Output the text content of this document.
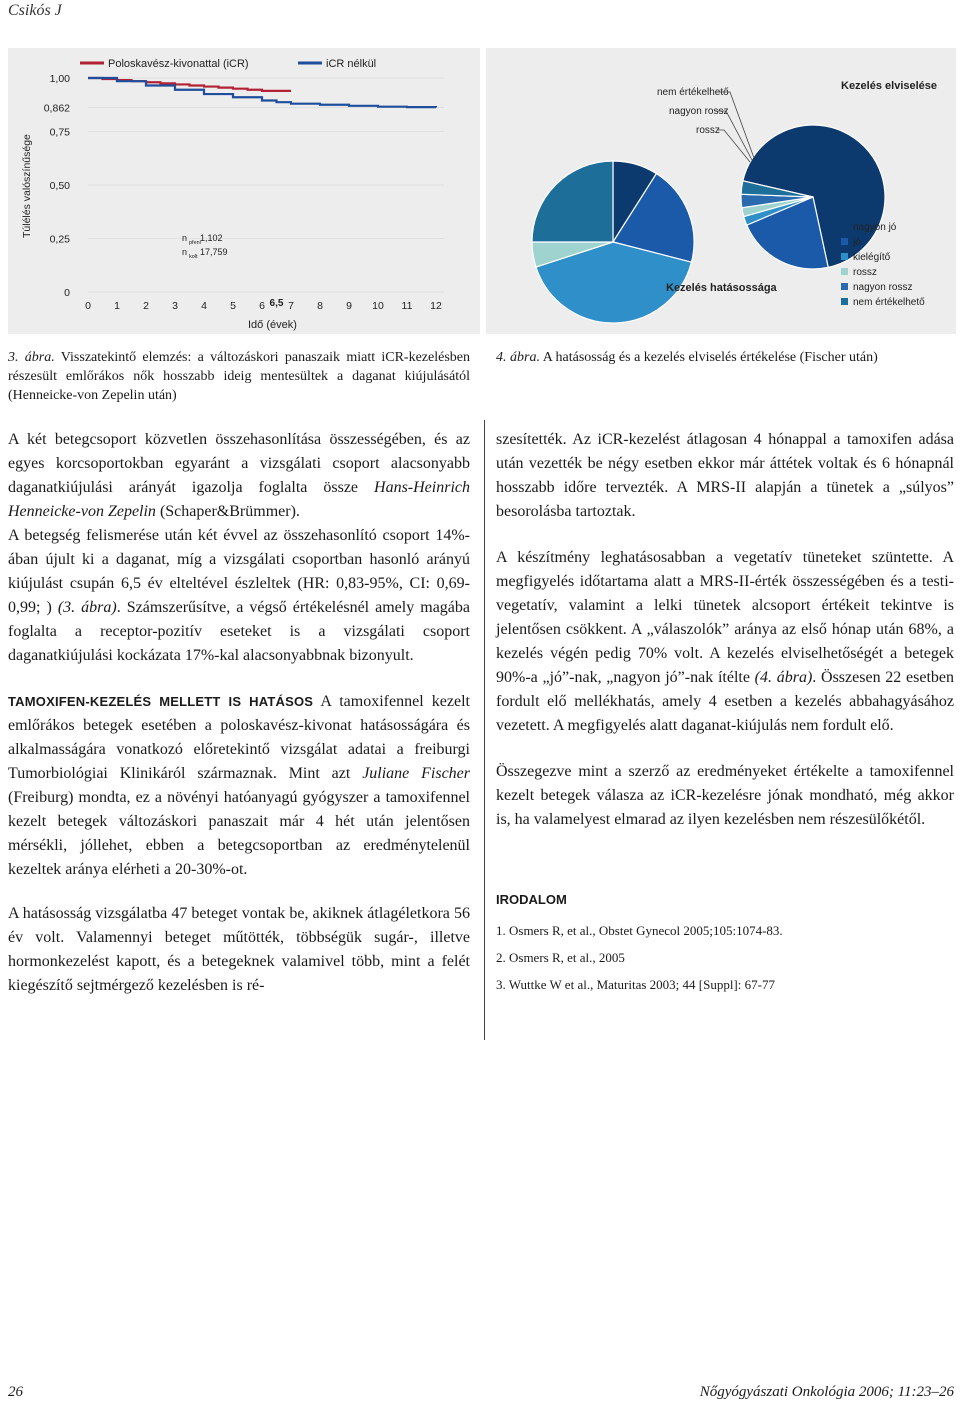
Csikós J
Túlélés valószínűsége
1,00
0,862
0,75
0,50
0,25
0
0 1 2 3 4 5 6 6,5 7 8 9 10 11 12
Idő (évek)
Poloskavész-kivonattal (iCR)	iCR nélkül
n pfeni 1,102
n kolt 17,759
Kezelés elviselése
Kezelés hatásossága
nem értékelhető
nagyon rossz
rossz
nagyon jó
jó
kielégítő
rossz
nagyon rossz
nem értékelhető
3. ábra. Visszatekintő elemzés: a változáskori panaszaik miatt iCR-kezelésben részesült emlőrákos nők hosszabb ideig mentesültek a daganat kiújulásától (Henneicke-von Zepelin után)
4. ábra. A hatásosság és a kezelés elviselés értékelése (Fischer után)

A két betegcsoport közvetlen összehasonlítása összességében, és az egyes korcsoportokban egyaránt a vizsgálati csoport alacsonyabb daganatkiújulási arányát igazolja foglalta össze Hans-Heinrich Henneicke-von Zepelin (Schaper&Brümmer).

A betegség felismerése után két évvel az összehasonlító csoport 14%-ában újult ki a daganat, míg a vizsgálati csoportban hasonló arányú kiújulást csupán 6,5 év elteltével észleltek (HR: 0,83-95%, CI: 0,69-0,99; ) (3. ábra). Számszerűsítve, a végső értékelésnél amely magába foglalta a receptor-pozitív eseteket is a vizsgálati csoport daganatkiújulási kockázata 17%-kal alacsonyabbnak bizonyult.

TAMOXIFEN-KEZELÉS MELLETT IS HATÁSOS A tamoxifennel kezelt emlőrákos betegek esetében a poloskavész-kivonat hatásosságára és alkalmasságára vonatkozó előretekintő vizsgálat adatai a freiburgi Tumorbiológiai Klinikáról származnak. Mint azt Juliane Fischer (Freiburg) mondta, ez a növényi hatóanyagú gyógyszer a tamoxifennel kezelt betegek változáskori panaszait már 4 hét után jelentősen mérsékli, jóllehet, ebben a betegcsoportban az eredménytelenül kezeltek aránya elérheti a 20-30%-ot.

A hatásosság vizsgálatba 47 beteget vontak be, akiknek átlagéletkora 56 év volt. Valamennyi beteget műtötték, többségük sugár-, illetve hormonkezelést kapott, és a betegeknek valamivel több, mint a felét kiegészítő sejtmérgező kezelésben is ré-

szesítették. Az iCR-kezelést átlagosan 4 hónappal a tamoxifen adása után vezették be négy esetben ekkor már áttétek voltak és 6 hónapnál hosszabb időre tervezték. A MRS-II alapján a tünetek a „súlyos” besorolásba tartoztak.

A készítmény leghatásosabban a vegetatív tüneteket szüntette. A megfigyelés időtartama alatt a MRS-II-érték összességében és a testi-vegetatív, valamint a lelki tünetek alcsoport értékeit tekintve is jelentősen csökkent. A „válaszolók” aránya az első hónap után 68%, a kezelés végén pedig 70% volt. A kezelés elviselhetőségét a betegek 90%-a „jó”-nak, „nagyon jó”-nak ítélte (4. ábra). Összesen 22 esetben fordult elő mellékhatás, amely 4 esetben a kezelés abbahagyásához vezetett. A megfigyelés alatt daganat-kiújulás nem fordult elő.

Összegezve mint a szerző az eredményeket értékelte a tamoxifennel kezelt betegek válasza az iCR-kezelésre jónak mondható, még akkor is, ha valamelyest elmarad az ilyen kezelésben nem részesülőkétől.

IRODALOM
1. Osmers R, et al., Obstet Gynecol 2005;105:1074-83.
2. Osmers R, et al., 2005
3. Wuttke W et al., Maturitas 2003; 44 [Suppl]: 67-77
26	Nőgyógyászati Onkológia 2006; 11:23–26
